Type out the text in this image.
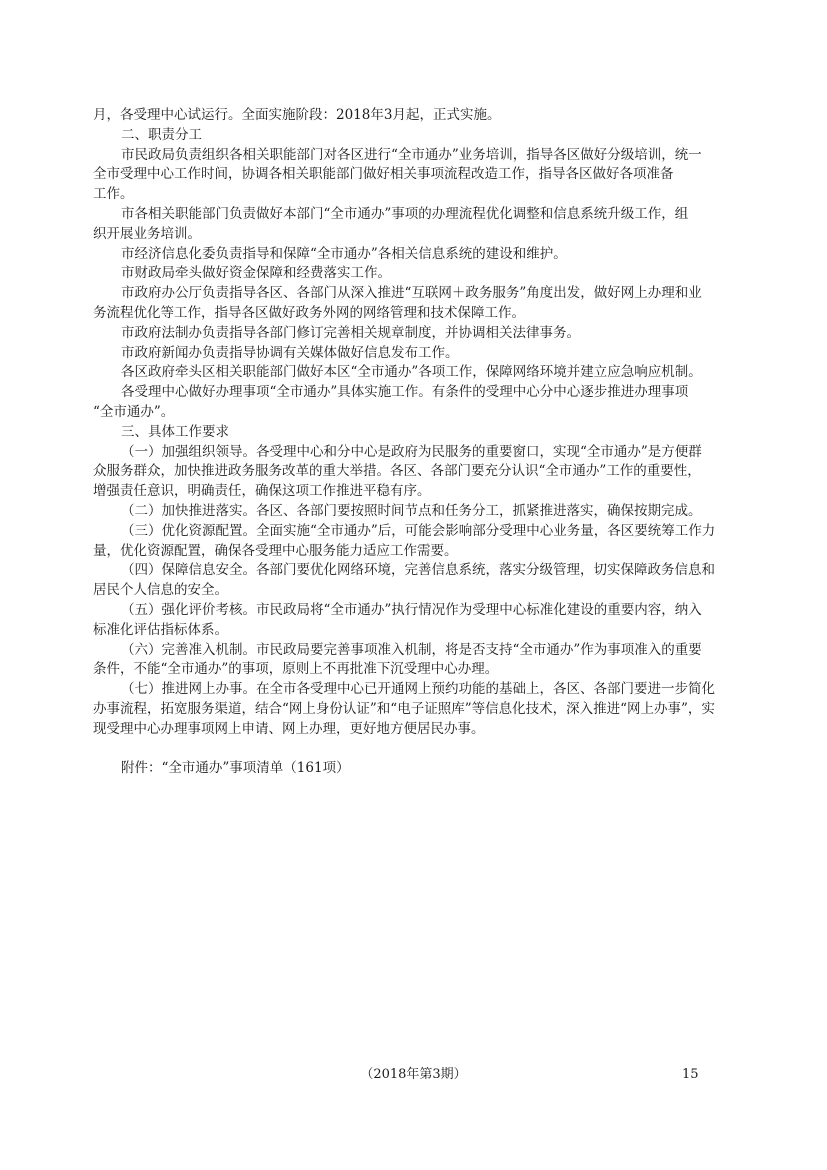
月，各受理中心试运行。全面实施阶段：2018年3月起，正式实施。
二、职责分工
市民政局负责组织各相关职能部门对各区进行“全市通办”业务培训，指导各区做好分级培训，统一
全市受理中心工作时间，协调各相关职能部门做好相关事项流程改造工作，指导各区做好各项准备
工作。
市各相关职能部门负责做好本部门“全市通办”事项的办理流程优化调整和信息系统升级工作，组
织开展业务培训。
市经济信息化委负责指导和保障“全市通办”各相关信息系统的建设和维护。
市财政局牵头做好资金保障和经费落实工作。
市政府办公厅负责指导各区、各部门从深入推进“互联网＋政务服务”角度出发，做好网上办理和业
务流程优化等工作，指导各区做好政务外网的网络管理和技术保障工作。
市政府法制办负责指导各部门修订完善相关规章制度，并协调相关法律事务。
市政府新闻办负责指导协调有关媒体做好信息发布工作。
各区政府牵头区相关职能部门做好本区“全市通办”各项工作，保障网络环境并建立应急响应机制。
各受理中心做好办理事项“全市通办”具体实施工作。有条件的受理中心分中心逐步推进办理事项
“全市通办”。
三、具体工作要求
（一）加强组织领导。各受理中心和分中心是政府为民服务的重要窗口，实现“全市通办”是方便群
众服务群众，加快推进政务服务改革的重大举措。各区、各部门要充分认识“全市通办”工作的重要性，
增强责任意识，明确责任，确保这项工作推进平稳有序。
（二）加快推进落实。各区、各部门要按照时间节点和任务分工，抓紧推进落实，确保按期完成。
（三）优化资源配置。全面实施“全市通办”后，可能会影响部分受理中心业务量，各区要统筹工作力
量，优化资源配置，确保各受理中心服务能力适应工作需要。
（四）保障信息安全。各部门要优化网络环境，完善信息系统，落实分级管理，切实保障政务信息和
居民个人信息的安全。
（五）强化评价考核。市民政局将“全市通办”执行情况作为受理中心标准化建设的重要内容，纳入
标准化评估指标体系。
（六）完善准入机制。市民政局要完善事项准入机制，将是否支持“全市通办”作为事项准入的重要
条件，不能“全市通办”的事项，原则上不再批准下沉受理中心办理。
（七）推进网上办事。在全市各受理中心已开通网上预约功能的基础上，各区、各部门要进一步简化
办事流程，拓宽服务渠道，结合“网上身份认证”和“电子证照库”等信息化技术，深入推进“网上办事”，实
现受理中心办理事项网上申请、网上办理，更好地方便居民办事。
附件：“全市通办”事项清单（161项）
（2018年第3期）	15
